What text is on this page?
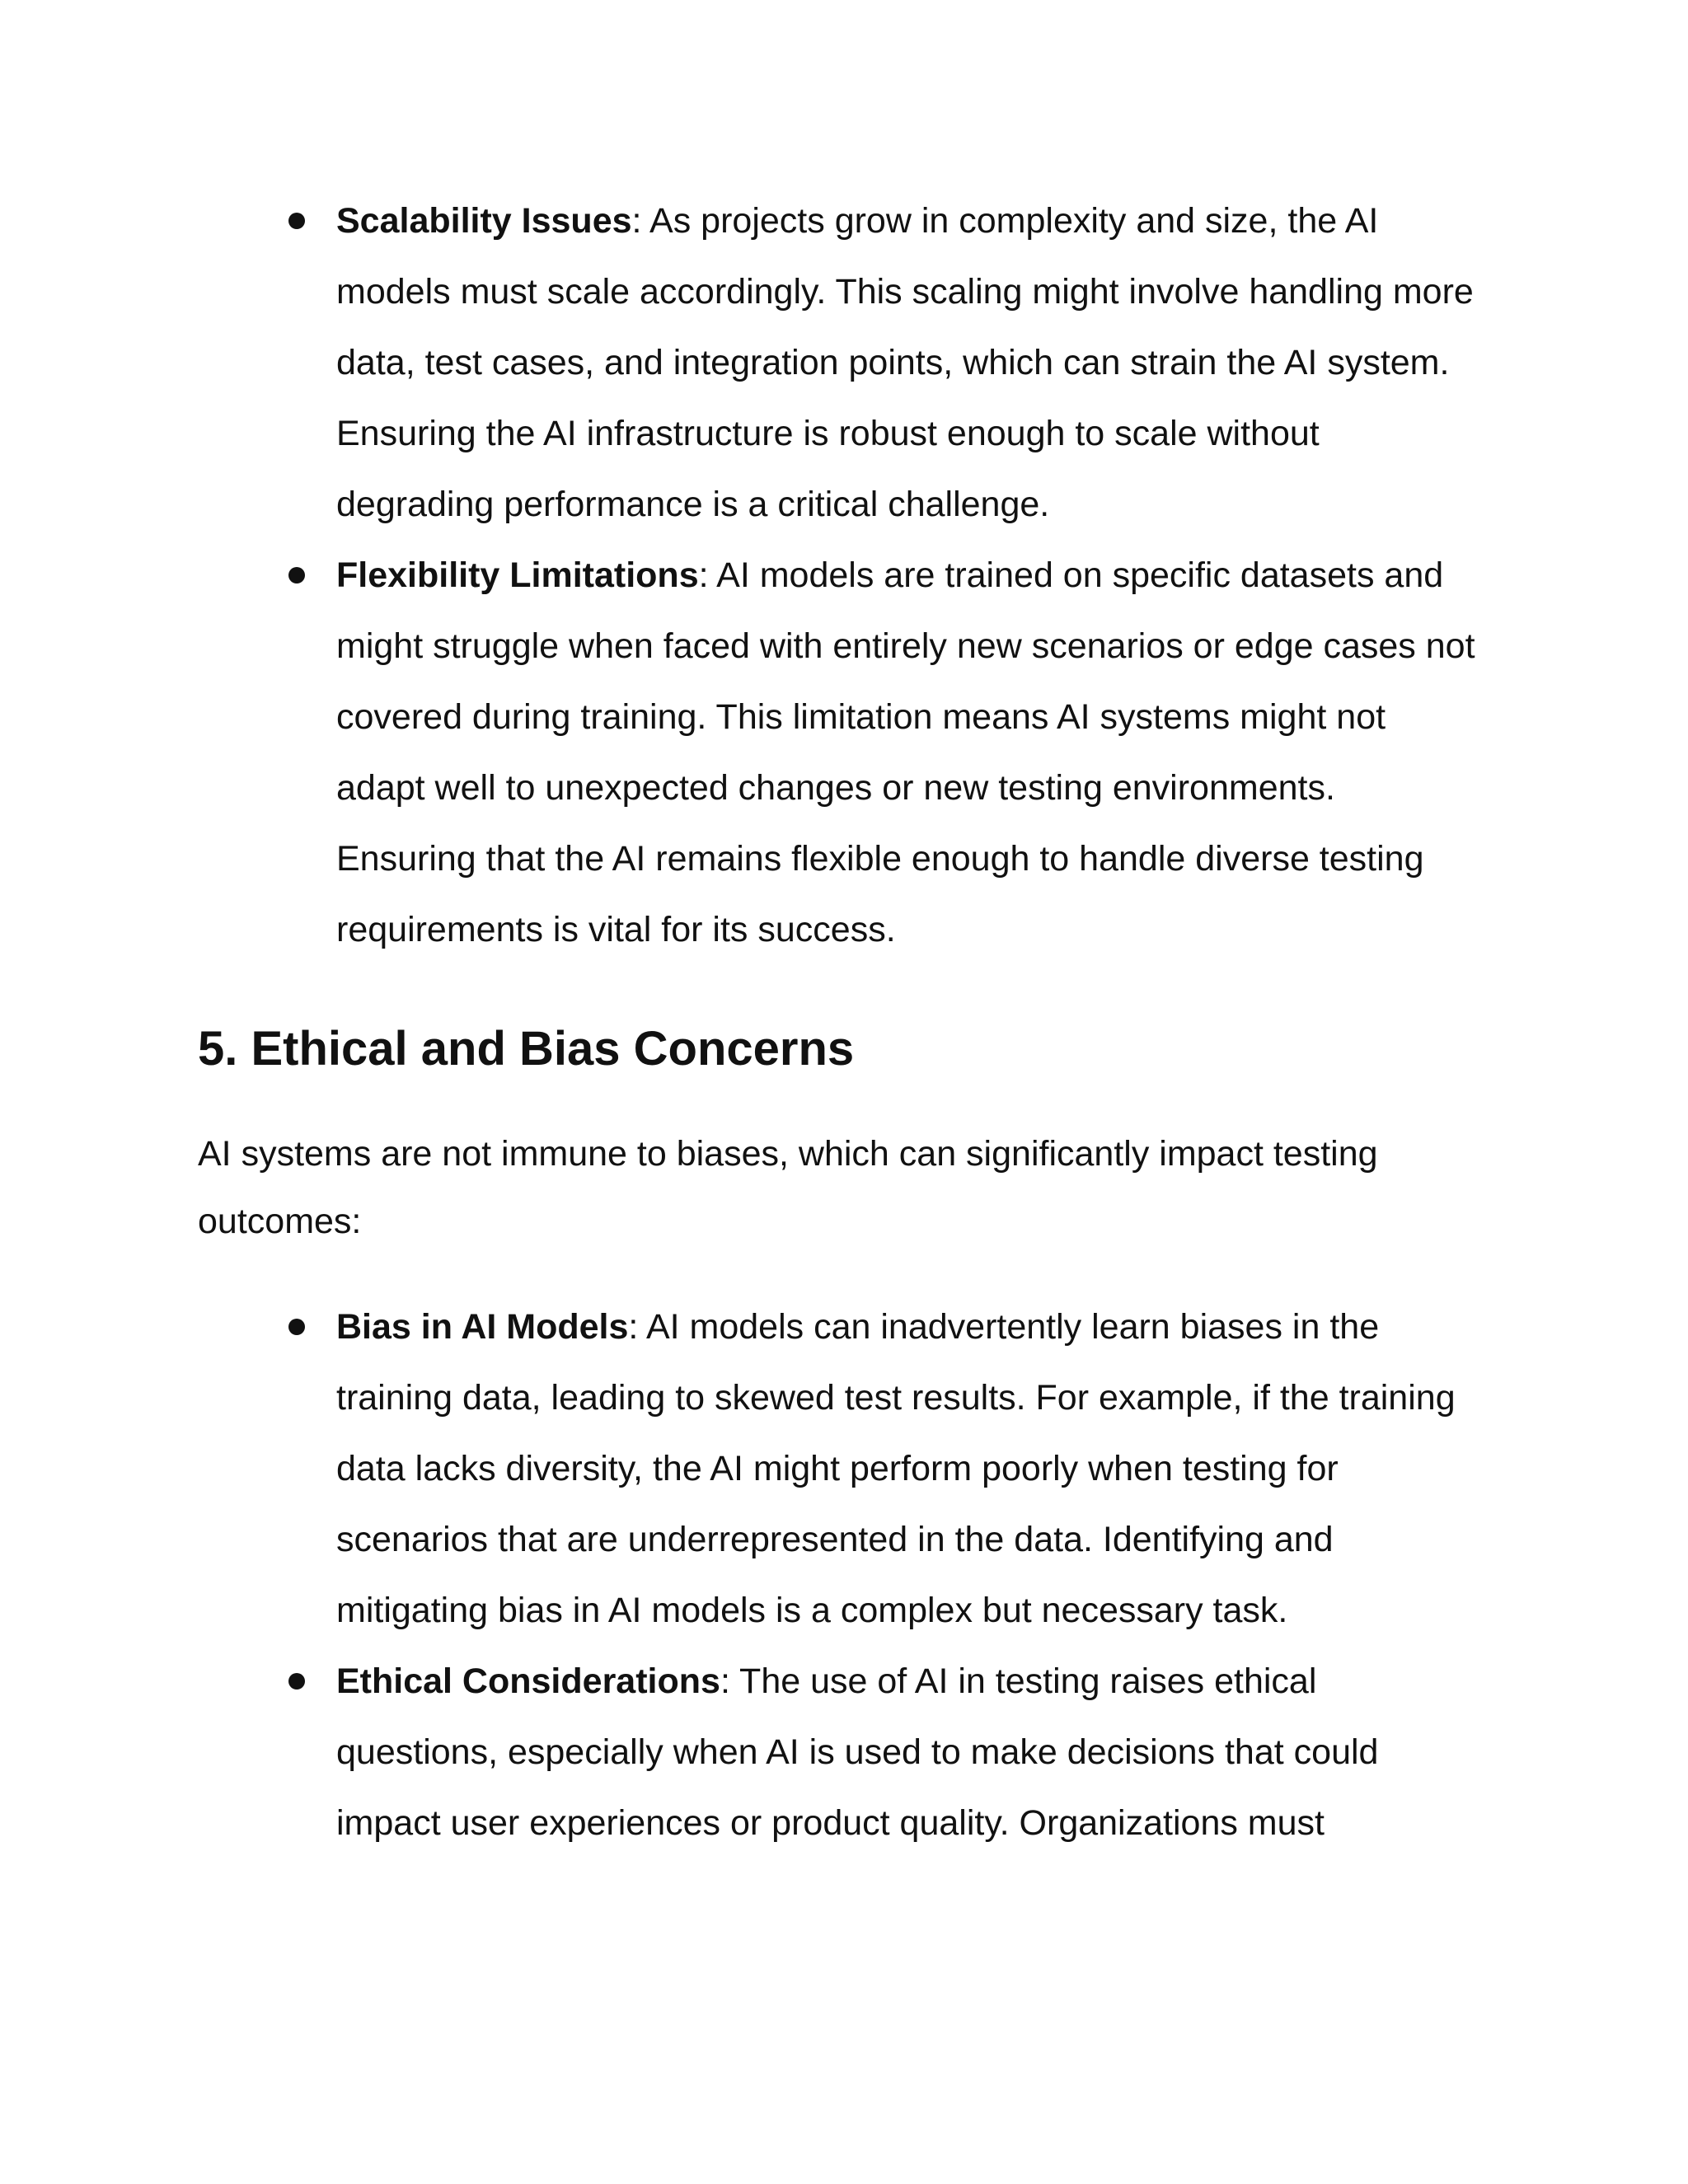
Scalability Issues: As projects grow in complexity and size, the AI models must scale accordingly. This scaling might involve handling more data, test cases, and integration points, which can strain the AI system. Ensuring the AI infrastructure is robust enough to scale without degrading performance is a critical challenge.
Flexibility Limitations: AI models are trained on specific datasets and might struggle when faced with entirely new scenarios or edge cases not covered during training. This limitation means AI systems might not adapt well to unexpected changes or new testing environments. Ensuring that the AI remains flexible enough to handle diverse testing requirements is vital for its success.
5. Ethical and Bias Concerns

AI systems are not immune to biases, which can significantly impact testing outcomes:

Bias in AI Models: AI models can inadvertently learn biases in the training data, leading to skewed test results. For example, if the training data lacks diversity, the AI might perform poorly when testing for scenarios that are underrepresented in the data. Identifying and mitigating bias in AI models is a complex but necessary task.
Ethical Considerations: The use of AI in testing raises ethical questions, especially when AI is used to make decisions that could impact user experiences or product quality. Organizations must
